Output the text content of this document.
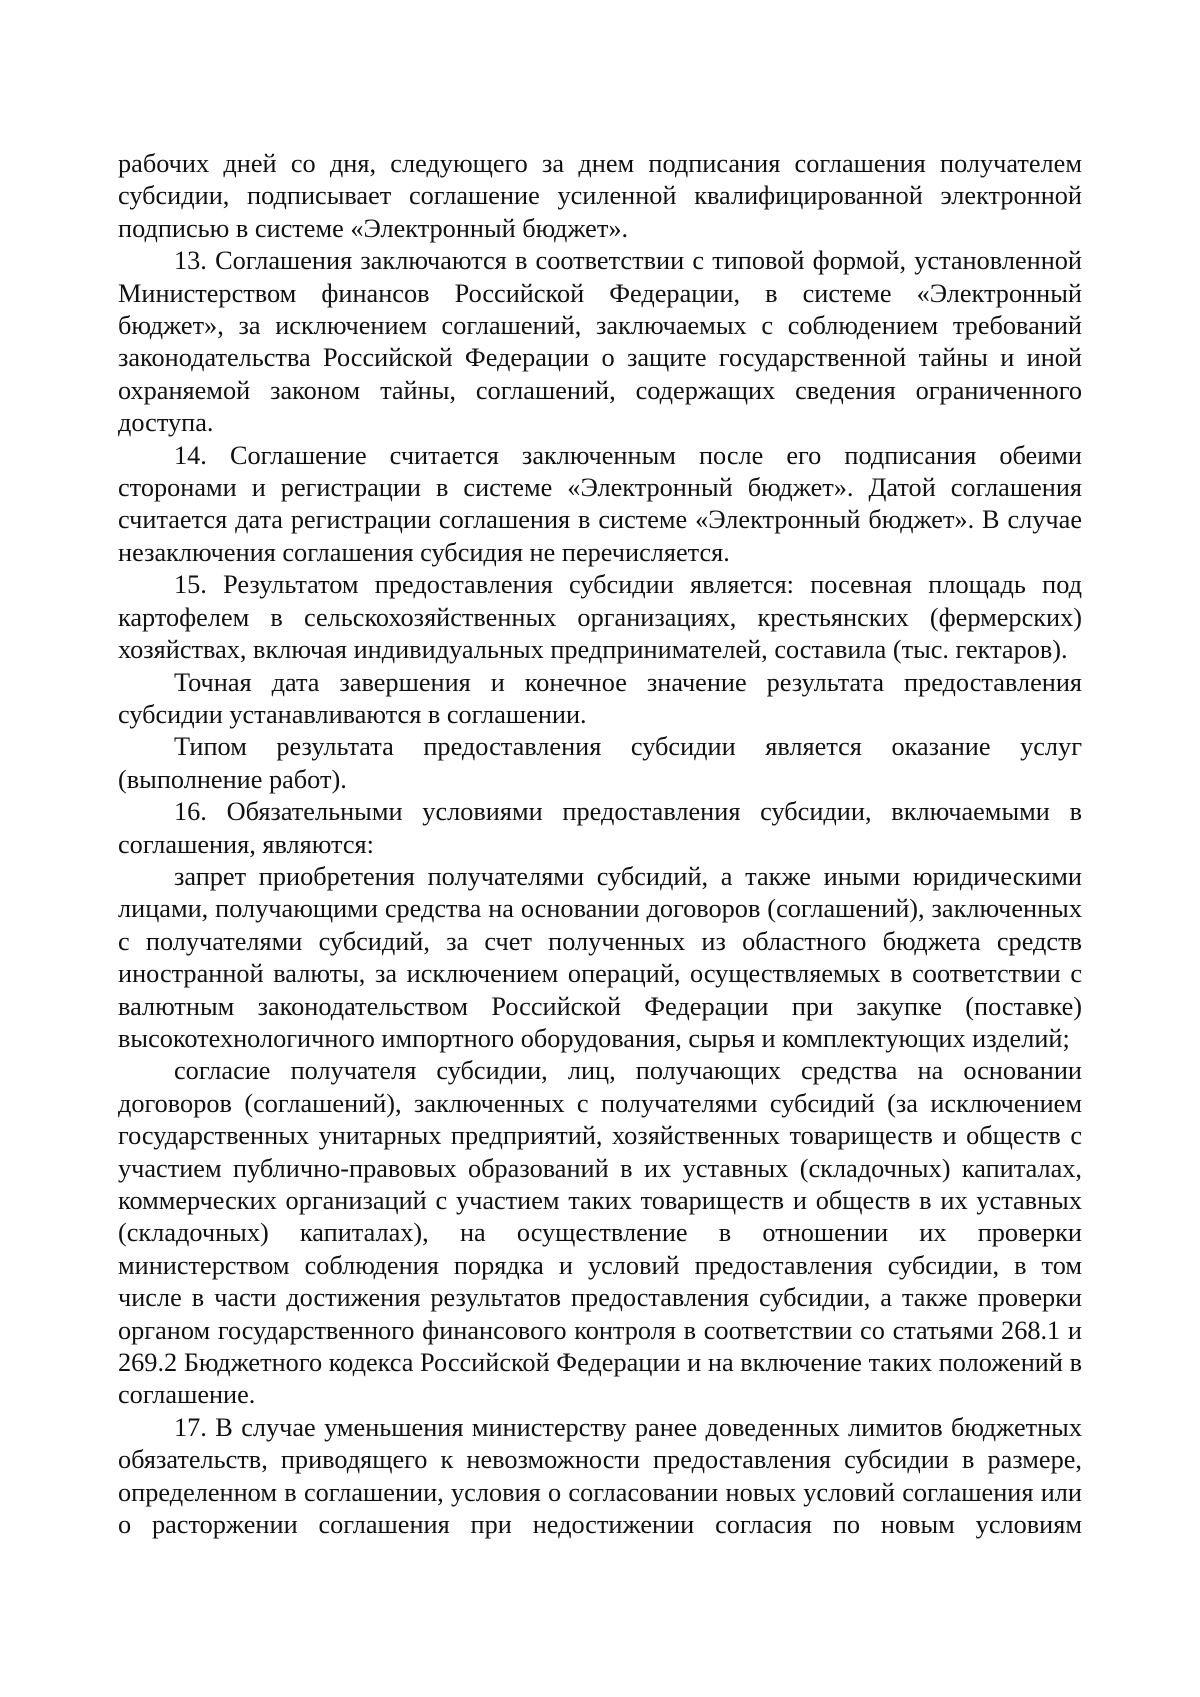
рабочих дней со дня, следующего за днем подписания соглашения получателем субсидии, подписывает соглашение усиленной квалифицированной электронной подписью в системе «Электронный бюджет».

13. Соглашения заключаются в соответствии с типовой формой, установленной Министерством финансов Российской Федерации, в системе «Электронный бюджет», за исключением соглашений, заключаемых с соблюдением требований законодательства Российской Федерации о защите государственной тайны и иной охраняемой законом тайны, соглашений, содержащих сведения ограниченного доступа.

14. Соглашение считается заключенным после его подписания обеими сторонами и регистрации в системе «Электронный бюджет». Датой соглашения считается дата регистрации соглашения в системе «Электронный бюджет». В случае незаключения соглашения субсидия не перечисляется.

15. Результатом предоставления субсидии является: посевная площадь под картофелем в сельскохозяйственных организациях, крестьянских (фермерских) хозяйствах, включая индивидуальных предпринимателей, составила (тыс. гектаров).

Точная дата завершения и конечное значение результата предоставления субсидии устанавливаются в соглашении.

Типом результата предоставления субсидии является оказание услуг (выполнение работ).

16. Обязательными условиями предоставления субсидии, включаемыми в соглашения, являются:

запрет приобретения получателями субсидий, а также иными юридическими лицами, получающими средства на основании договоров (соглашений), заключенных с получателями субсидий, за счет полученных из областного бюджета средств иностранной валюты, за исключением операций, осуществляемых в соответствии с валютным законодательством Российской Федерации при закупке (поставке) высокотехнологичного импортного оборудования, сырья и комплектующих изделий;

согласие получателя субсидии, лиц, получающих средства на основании договоров (соглашений), заключенных с получателями субсидий (за исключением государственных унитарных предприятий, хозяйственных товариществ и обществ с участием публично-правовых образований в их уставных (складочных) капиталах, коммерческих организаций с участием таких товариществ и обществ в их уставных (складочных) капиталах), на осуществление в отношении их проверки министерством соблюдения порядка и условий предоставления субсидии, в том числе в части достижения результатов предоставления субсидии, а также проверки органом государственного финансового контроля в соответствии со статьями 268.1 и 269.2 Бюджетного кодекса Российской Федерации и на включение таких положений в соглашение.

17. В случае уменьшения министерству ранее доведенных лимитов бюджетных обязательств, приводящего к невозможности предоставления субсидии в размере, определенном в соглашении, условия о согласовании новых условий соглашения или о расторжении соглашения при недостижении согласия по новым условиям
